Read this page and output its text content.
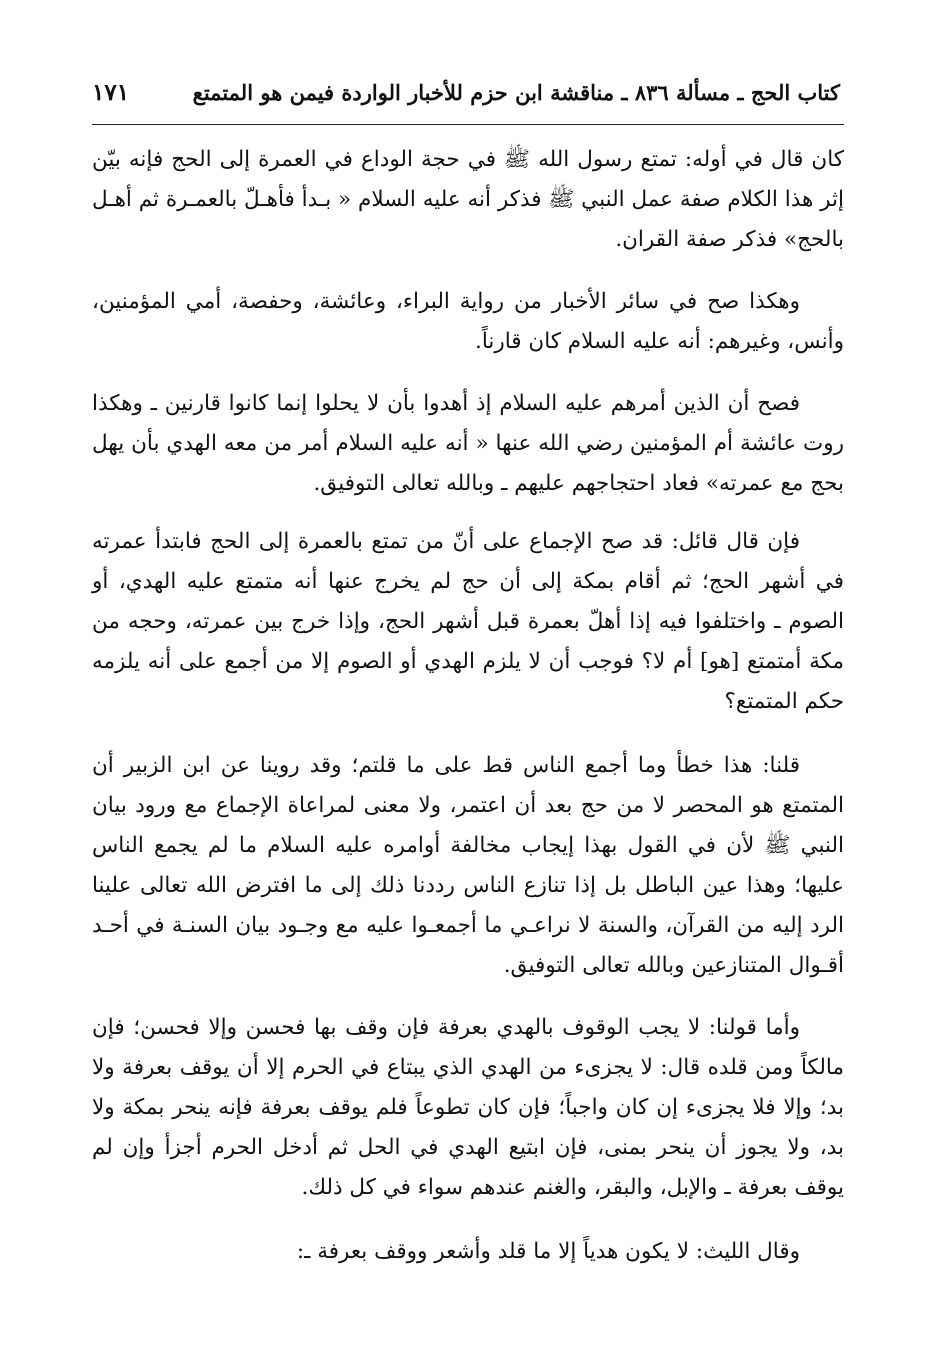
كتاب الحج ـ مسألة ٨٣٦ ـ مناقشة ابن حزم للأخبار الواردة فيمن هو المتمتع
١٧١

كان قال في أوله: تمتع رسول الله ﷺ في حجة الوداع في العمرة إلى الحج فإنه بيّن إثر هذا الكلام صفة عمل النبي ﷺ فذكر أنه عليه السلام « بـدأ فأهـلّ بالعمـرة ثم أهـل بالحج» فذكر صفة القران.

وهكذا صح في سائر الأخبار من رواية البراء، وعائشة، وحفصة، أمي المؤمنين، وأنس، وغيرهم: أنه عليه السلام كان قارناً.

فصح أن الذين أمرهم عليه السلام إذ أهدوا بأن لا يحلوا إنما كانوا قارنين ـ وهكذا روت عائشة أم المؤمنين رضي الله عنها « أنه عليه السلام أمر من معه الهدي بأن يهل بحج مع عمرته» فعاد احتجاجهم عليهم ـ وبالله تعالى التوفيق.

فإن قال قائل: قد صح الإجماع على أنّ من تمتع بالعمرة إلى الحج فابتدأ عمرته في أشهر الحج؛ ثم أقام بمكة إلى أن حج لم يخرج عنها أنه متمتع عليه الهدي، أو الصوم ـ واختلفوا فيه إذا أهلّ بعمرة قبل أشهر الحج، وإذا خرج بين عمرته، وحجه من مكة أمتمتع [هو] أم لا؟ فوجب أن لا يلزم الهدي أو الصوم إلا من أجمع على أنه يلزمه حكم المتمتع؟

قلنا: هذا خطأ وما أجمع الناس قط على ما قلتم؛ وقد روينا عن ابن الزبير أن المتمتع هو المحصر لا من حج بعد أن اعتمر، ولا معنى لمراعاة الإجماع مع ورود بيان النبي ﷺ لأن في القول بهذا إيجاب مخالفة أوامره عليه السلام ما لم يجمع الناس عليها؛ وهذا عين الباطل بل إذا تنازع الناس رددنا ذلك إلى ما افترض الله تعالى علينا الرد إليه من القرآن، والسنة لا نراعـي ما أجمعـوا عليه مع وجـود بيان السنـة في أحـد أقـوال المتنازعين وبالله تعالى التوفيق.

وأما قولنا: لا يجب الوقوف بالهدي بعرفة فإن وقف بها فحسن وإلا فحسن؛ فإن مالكاً ومن قلده قال: لا يجزىء من الهدي الذي يبتاع في الحرم إلا أن يوقف بعرفة ولا بد؛ وإلا فلا يجزىء إن كان واجباً؛ فإن كان تطوعاً فلم يوقف بعرفة فإنه ينحر بمكة ولا بد، ولا يجوز أن ينحر بمنى، فإن ابتيع الهدي في الحل ثم أدخل الحرم أجزأ وإن لم يوقف بعرفة ـ والإبل، والبقر، والغنم عندهم سواء في كل ذلك.

وقال الليث: لا يكون هدياً إلا ما قلد وأشعر ووقف بعرفة ـ:
